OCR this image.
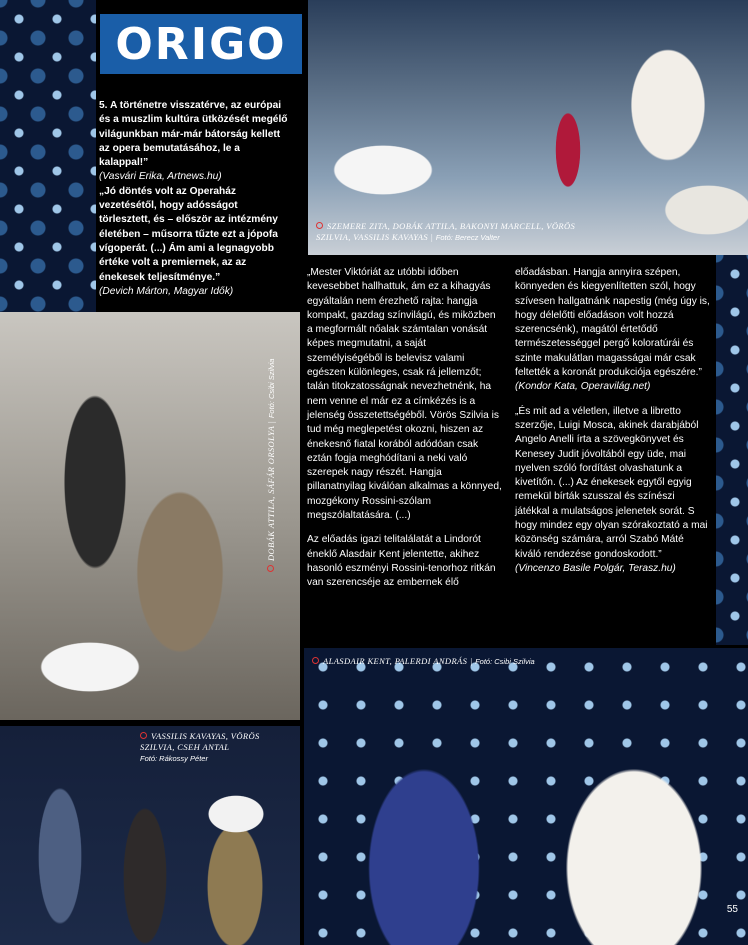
ORIGO

5. A történetre visszatérve, az európai és a muszlim kultúra ütközését megélő világunkban már-már bátorság kellett az opera bemutatásához, le a kalappal!”

(Vasvári Erika, Artnews.hu)

„Jó döntés volt az Operaház vezetésétől, hogy adósságot törlesztett, és – először az intézmény életében – műsorra tűzte ezt a jópofa vígoperát. (...) Ám ami a legnagyobb értéke volt a premiernek, az az énekesek teljesítménye.”

(Devich Márton, Magyar Idők)

SZEMERE ZITA, DOBÁK ATTILA, BAKONYI MARCELL, VÖRÖS SZILVIA, VASSILIS KAVAYAS | Fotó: Berecz Valter
DOBÁK ATTILA, SÁFÁR ORSOLYA | Fotó: Csibi Szilvia

„Mester Viktóriát az utóbbi időben kevesebbet hallhattuk, ám ez a kihagyás egyáltalán nem érezhető rajta: hangja kompakt, gazdag színvilágú, és miközben a megformált nőalak számtalan vonását képes megmutatni, a saját személyiségéből is belevisz valami egészen különleges, csak rá jellemzőt; talán titokzatosságnak nevezhetnénk, ha nem venne el már ez a címkézés is a jelenség összetettségéből. Vörös Szilvia is tud még meglepetést okozni, hiszen az énekesnő fiatal korából adódóan csak eztán fogja meghódítani a neki való szerepek nagy részét. Hangja pillanatnyilag kiválóan alkalmas a könnyed, mozgékony Rossini-szólam megszólaltatására. (...)

Az előadás igazi telitalálatát a Lindorót éneklő Alasdair Kent jelentette, akihez hasonló eszményi Rossini-tenorhoz ritkán van szerencséje az embernek élő

előadásban. Hangja annyira szépen, könnyeden és kiegyenlítetten szól, hogy szívesen hallgatnánk napestig (még úgy is, hogy délelőtti előadáson volt hozzá szerencsénk), magától értetődő természetességgel pergő koloratúrái és szinte makulátlan magasságai már csak feltették a koronát produkciója egészére.”

(Kondor Kata, Operavilág.net)

„És mit ad a véletlen, illetve a libretto szerzője, Luigi Mosca, akinek darabjából Angelo Anelli írta a szövegkönyvet és Kenesey Judit jóvoltából egy üde, mai nyelven szóló fordítást olvashatunk a kivetítőn. (...) Az énekesek egytől egyig remekül bírták szusszal és színészi játékkal a mulatságos jelenetek sorát. S hogy mindez egy olyan szórakoztató a mai közönség számára, arról Szabó Máté kiváló rendezése gondoskodott.”

(Vincenzo Basile Polgár, Terasz.hu)

VASSILIS KAVAYAS, VÖRÖS SZILVIA, CSEH ANTAL
Fotó: Rákossy Péter
ALASDAIR KENT, PALERDI ANDRÁS | Fotó: Csibi Szilvia
55
